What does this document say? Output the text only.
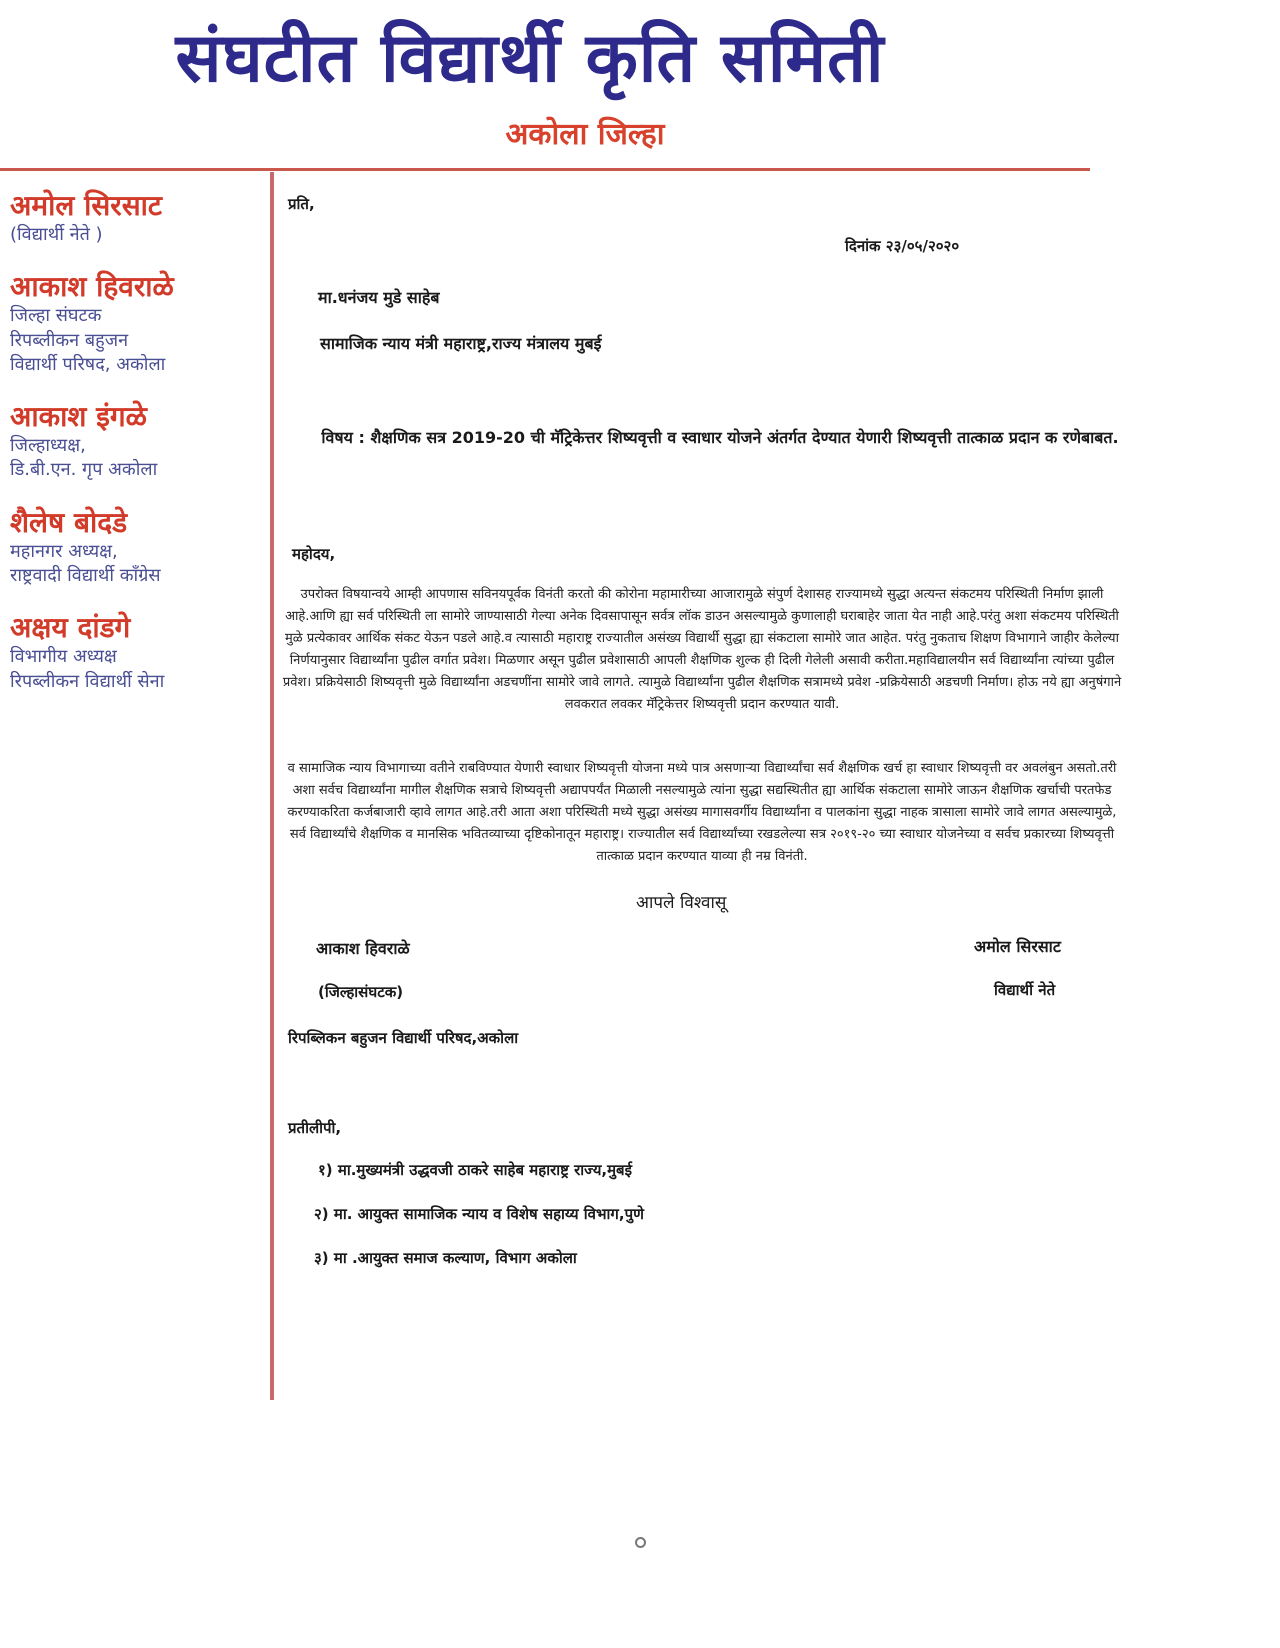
संघटीत विद्यार्थी कृति समिती
अकोला जिल्हा
अमोल सिरसाट
(विद्यार्थी नेते )
आकाश हिवराळे
जिल्हा संघटक
रिपब्लीकन बहुजन
विद्यार्थी परिषद, अकोला
आकाश इंगळे
जिल्हाध्यक्ष,
डि.बी.एन. गृप अकोला
शैलेष बोदडे
महानगर अध्यक्ष,
राष्ट्रवादी विद्यार्थी काँग्रेस
अक्षय दांडगे
विभागीय अध्यक्ष
रिपब्लीकन विद्यार्थी सेना
प्रति,
दिनांक २३/०५/२०२०
मा.धनंजय मुडे साहेब
सामाजिक न्याय मंत्री महाराष्ट्र,राज्य मंत्रालय मुबई
विषय : शैक्षणिक सत्र 2019-20 ची मॅट्रिकेत्तर शिष्यवृत्ती व स्वाधार योजने अंतर्गत देण्यात येणारी शिष्यवृत्ती तात्काळ प्रदान क रणेबाबत.
महोदय,
उपरोक्त विषयान्वये आम्ही आपणास सविनयपूर्वक विनंती करतो की कोरोना महामारीच्या आजारामुळे संपुर्ण देशासह राज्यामध्ये सुद्धा अत्यन्त संकटमय परिस्थिती निर्माण झाली आहे.आणि ह्या सर्व परिस्थिती ला सामोरे जाण्यासाठी गेल्या अनेक दिवसापासून सर्वत्र लॉक डाउन असल्यामुळे कुणालाही घराबाहेर जाता येत नाही आहे.परंतु अशा संकटमय परिस्थिती मुळे प्रत्येकावर आर्थिक संकट येऊन पडले आहे.व त्यासाठी महाराष्ट्र राज्यातील असंख्य विद्यार्थी सुद्धा ह्या संकटाला सामोरे जात आहेत. परंतु नुकताच शिक्षण विभागाने जाहीर केलेल्या निर्णयानुसार विद्यार्थ्यांना पुढील वर्गात प्रवेश। मिळणार असून पुढील प्रवेशासाठी आपली शैक्षणिक शुल्क ही दिली गेलेली असावी करीता.महाविद्यालयीन सर्व विद्यार्थ्यांना त्यांच्या पुढील प्रवेश। प्रक्रियेसाठी शिष्यवृत्ती मुळे विद्यार्थ्यांना अडचणींना सामोरे जावे लागते. त्यामुळे विद्यार्थ्यांना पुढील शैक्षणिक सत्रामध्ये प्रवेश -प्रक्रियेसाठी अडचणी निर्माण। होऊ नये ह्या अनुषंगाने लवकरात लवकर मॅट्रिकेत्तर शिष्यवृत्ती प्रदान करण्यात यावी.
व सामाजिक न्याय विभागाच्या वतीने राबविण्यात येणारी स्वाधार शिष्यवृत्ती योजना मध्ये पात्र असणाऱ्या विद्यार्थ्यांचा सर्व शैक्षणिक खर्च हा स्वाधार शिष्यवृत्ती वर अवलंबुन असतो.तरी अशा सर्वच विद्यार्थ्यांना मागील शैक्षणिक सत्राचे शिष्यवृत्ती अद्यापपर्यंत मिळाली नसल्यामुळे त्यांना सुद्धा सद्यस्थितीत ह्या आर्थिक संकटाला सामोरे जाऊन शैक्षणिक खर्चाची परतफेड करण्याकरिता कर्जबाजारी व्हावे लागत आहे.तरी आता अशा परिस्थिती मध्ये सुद्धा असंख्य मागासवर्गीय विद्यार्थ्यांना व पालकांना सुद्धा नाहक त्रासाला सामोरे जावे लागत असल्यामुळे, सर्व विद्यार्थ्यांचे शैक्षणिक व मानसिक भवितव्याच्या दृष्टिकोनातून महाराष्ट्र। राज्यातील सर्व विद्यार्थ्यांच्या रखडलेल्या सत्र २०१९-२० च्या स्वाधार योजनेच्या व सर्वच प्रकारच्या शिष्यवृत्ती तात्काळ प्रदान करण्यात याव्या ही नम्र विनंती.
आपले विश्वासू
आकाश हिवराळे
(जिल्हासंघटक)
अमोल सिरसाट
विद्यार्थी नेते
रिपब्लिकन बहुजन विद्यार्थी परिषद,अकोला
प्रतीलीपी,
१) मा.मुख्यमंत्री उद्धवजी ठाकरे साहेब महाराष्ट्र राज्य,मुबई
२) मा. आयुक्त सामाजिक न्याय व विशेष सहाय्य विभाग,पुणे
३) मा .आयुक्त समाज कल्याण, विभाग अकोला
